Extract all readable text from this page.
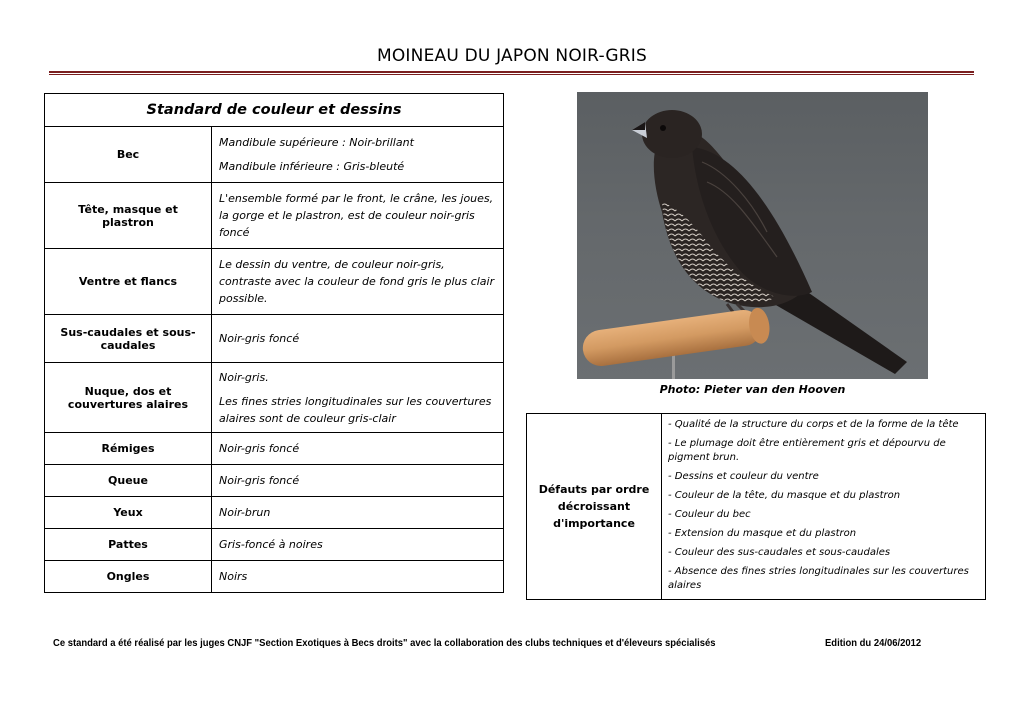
MOINEAU DU JAPON NOIR-GRIS
Standard de couleur et dessins	
Bec	Mandibule supérieure : Noir-brillant
Mandibule inférieure : Gris-bleuté

Tête, masque et plastron	L'ensemble formé par le front, le crâne, les joues, la gorge et le plastron, est de couleur noir-gris foncé

Ventre et flancs	Le dessin du ventre, de couleur noir-gris, contraste avec la couleur de fond gris le plus clair possible.

Sus-caudales et sous-caudales	Noir-gris foncé

Nuque, dos et couvertures alaires	Noir-gris.
Les fines stries longitudinales sur les couvertures alaires sont de couleur gris-clair

Rémiges	Noir-gris foncé

Queue	Noir-gris foncé

Yeux	Noir-brun

Pattes	Gris-foncé à noires

Ongles	Noirs
Photo: Pieter van den Hooven
Défauts par ordre décroissant d'importance	
- Qualité de la structure du corps et de la forme de la tête
- Le plumage doit être entièrement gris et dépourvu de pigment brun.
- Dessins et couleur du ventre
- Couleur de la tête, du masque et du plastron
- Couleur du bec
- Extension du masque et du plastron
- Couleur des sus-caudales et sous-caudales
- Absence des fines stries longitudinales sur les couvertures alaires
Ce standard a été réalisé par les juges CNJF "Section Exotiques à Becs droits" avec la collaboration des clubs techniques et d'éleveurs spécialisés	Edition du 24/06/2012
